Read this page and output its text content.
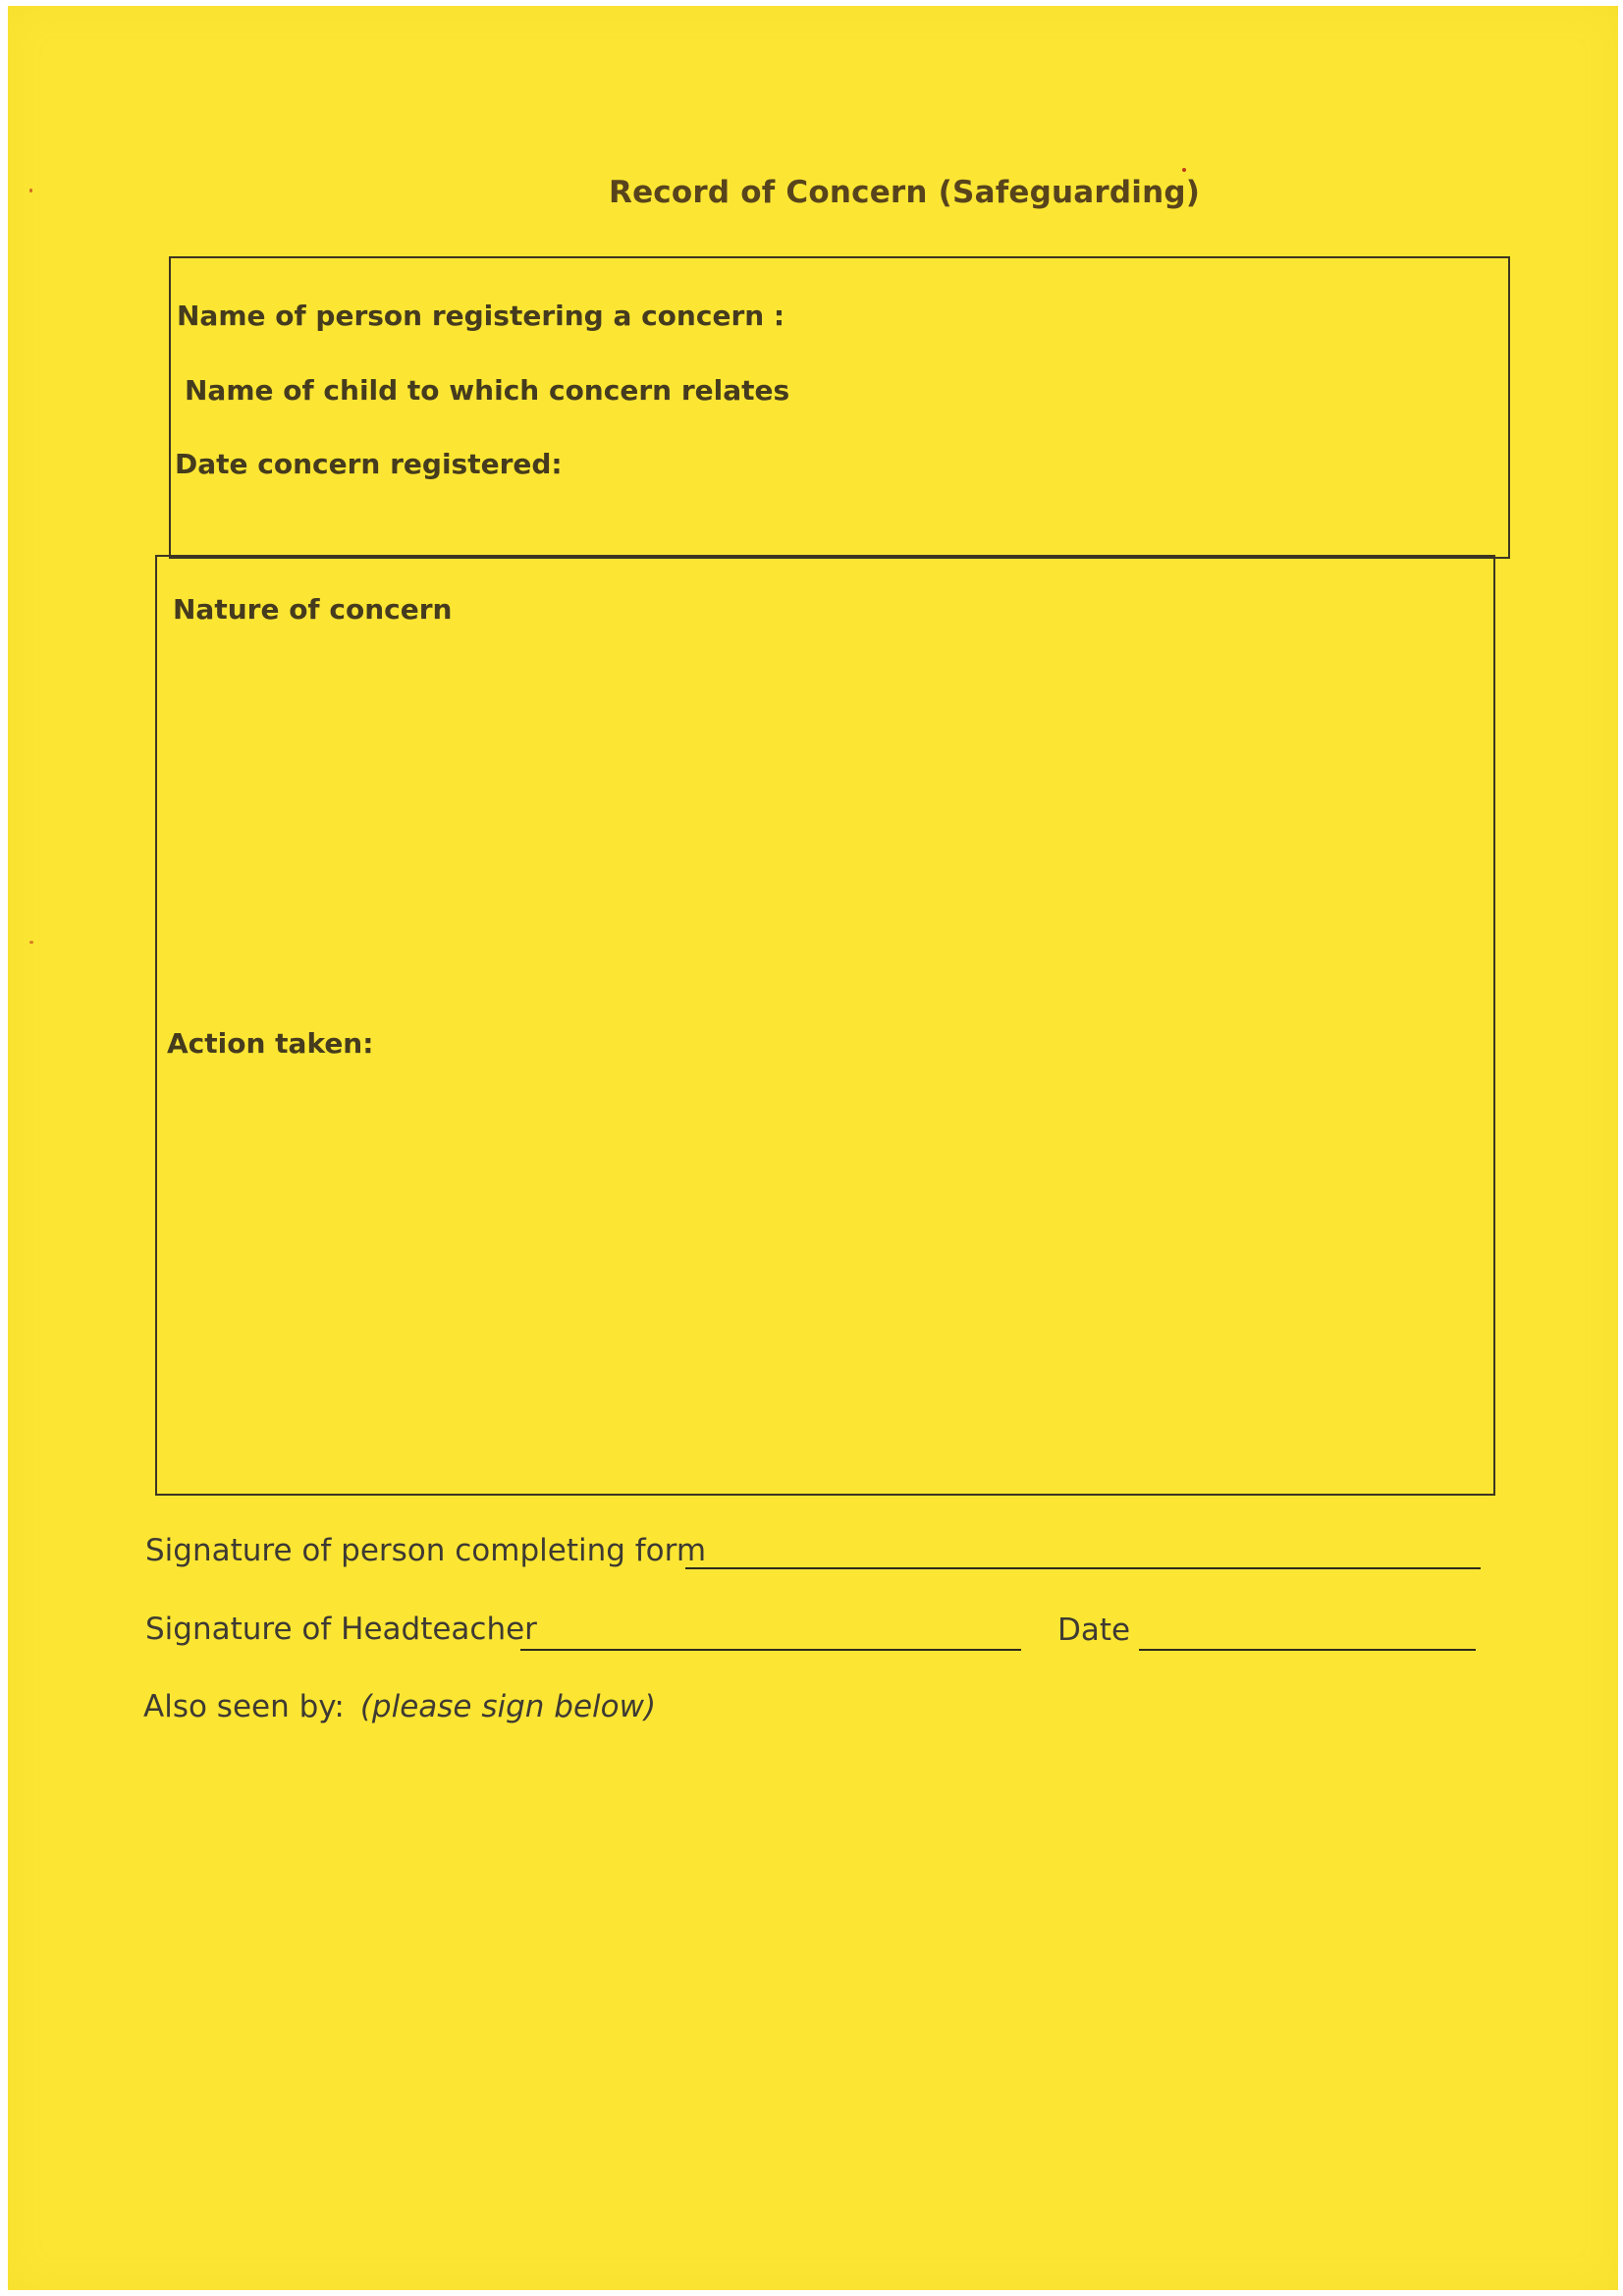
Record of Concern (Safeguarding)
Name of person registering a concern :
Name of child to which concern relates
Date concern registered:
Nature of concern
Action taken:
Signature of person completing form
Signature of Headteacher	Date
Also seen by: (please sign below)
